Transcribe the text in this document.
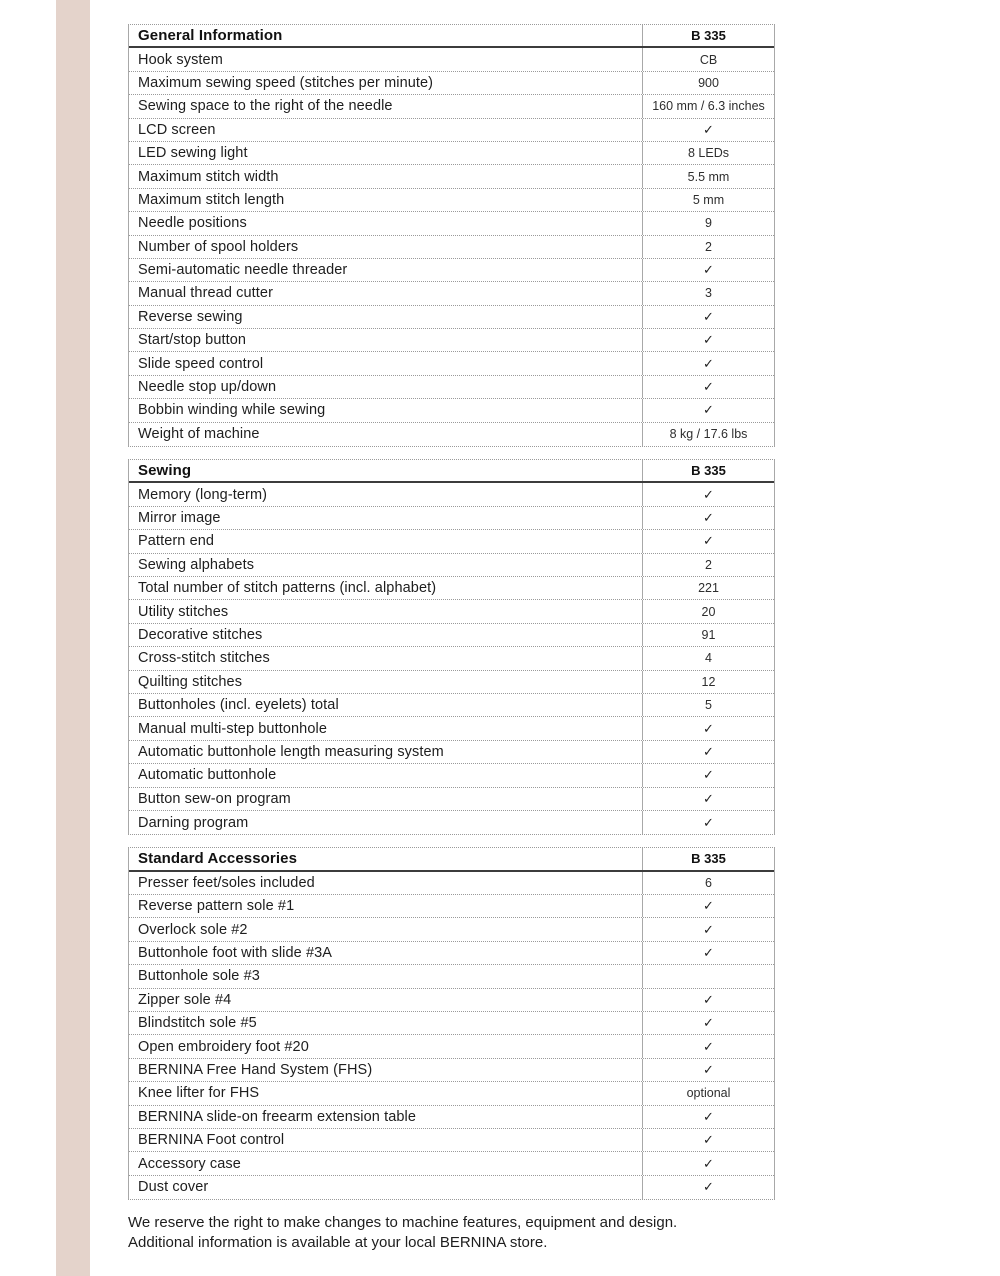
General Information	B 335
Hook system	CB
Maximum sewing speed (stitches per minute)	900
Sewing space to the right of the needle	160 mm / 6.3 inches
LCD screen	✓
LED sewing light	8 LEDs
Maximum stitch width	5.5 mm
Maximum stitch length	5 mm
Needle positions	9
Number of spool holders	2
Semi-automatic needle threader	✓
Manual thread cutter	3
Reverse sewing	✓
Start/stop button	✓
Slide speed control	✓
Needle stop up/down	✓
Bobbin winding while sewing	✓
Weight of machine	8 kg / 17.6 lbs
Sewing	B 335
Memory (long-term)	✓
Mirror image	✓
Pattern end	✓
Sewing alphabets	2
Total number of stitch patterns (incl. alphabet)	221
Utility stitches	20
Decorative stitches	91
Cross-stitch stitches	4
Quilting stitches	12
Buttonholes (incl. eyelets) total	5
Manual multi-step buttonhole	✓
Automatic buttonhole length measuring system	✓
Automatic buttonhole	✓
Button sew-on program	✓
Darning program	✓
Standard Accessories	B 335
Presser feet/soles included	6
Reverse pattern sole #1	✓
Overlock sole #2	✓
Buttonhole foot with slide #3A	✓
Buttonhole sole #3
Zipper sole #4	✓
Blindstitch sole #5	✓
Open embroidery foot #20	✓
BERNINA Free Hand System (FHS)	✓
Knee lifter for FHS	optional
BERNINA slide-on freearm extension table	✓
BERNINA Foot control	✓
Accessory case	✓
Dust cover	✓
We reserve the right to make changes to machine features, equipment and design.
Additional information is available at your local BERNINA store.
